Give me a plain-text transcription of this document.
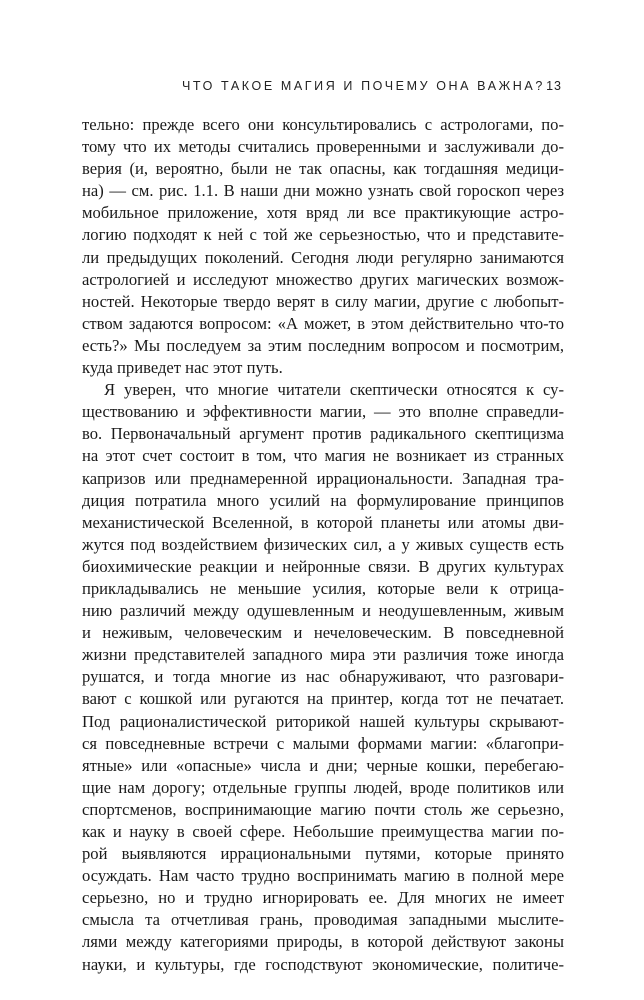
ЧТО ТАКОЕ МАГИЯ И ПОЧЕМУ ОНА ВАЖНА? 13
тельно: прежде всего они консультировались с астрологами, по-
тому что их методы считались проверенными и заслуживали до-
верия (и, вероятно, были не так опасны, как тогдашняя медици-
на) — см. рис. 1.1. В наши дни можно узнать свой гороскоп через
мобильное приложение, хотя вряд ли все практикующие астро-
логию подходят к ней с той же серьезностью, что и представите-
ли предыдущих поколений. Сегодня люди регулярно занимаются
астрологией и исследуют множество других магических возмож-
ностей. Некоторые твердо верят в силу магии, другие с любопыт-
ством задаются вопросом: «А может, в этом действительно что-то
есть?» Мы последуем за этим последним вопросом и посмотрим,
куда приведет нас этот путь.
Я уверен, что многие читатели скептически относятся к су-
ществованию и эффективности магии, — это вполне справедли-
во. Первоначальный аргумент против радикального скептицизма
на этот счет состоит в том, что магия не возникает из странных
капризов или преднамеренной иррациональности. Западная тра-
диция потратила много усилий на формулирование принципов
механистической Вселенной, в которой планеты или атомы дви-
жутся под воздействием физических сил, а у живых существ есть
биохимические реакции и нейронные связи. В других культурах
прикладывались не меньшие усилия, которые вели к отрица-
нию различий между одушевленным и неодушевленным, живым
и неживым, человеческим и нечеловеческим. В повседневной
жизни представителей западного мира эти различия тоже иногда
рушатся, и тогда многие из нас обнаруживают, что разговари-
вают с кошкой или ругаются на принтер, когда тот не печатает.
Под рационалистической риторикой нашей культуры скрывают-
ся повседневные встречи с малыми формами магии: «благопри-
ятные» или «опасные» числа и дни; черные кошки, перебегаю-
щие нам дорогу; отдельные группы людей, вроде политиков или
спортсменов, воспринимающие магию почти столь же серьезно,
как и науку в своей сфере. Небольшие преимущества магии по-
рой выявляются иррациональными путями, которые принято
осуждать. Нам часто трудно воспринимать магию в полной мере
серьезно, но и трудно игнорировать ее. Для многих не имеет
смысла та отчетливая грань, проводимая западными мыслите-
лями между категориями природы, в которой действуют законы
науки, и культуры, где господствуют экономические, политиче-
